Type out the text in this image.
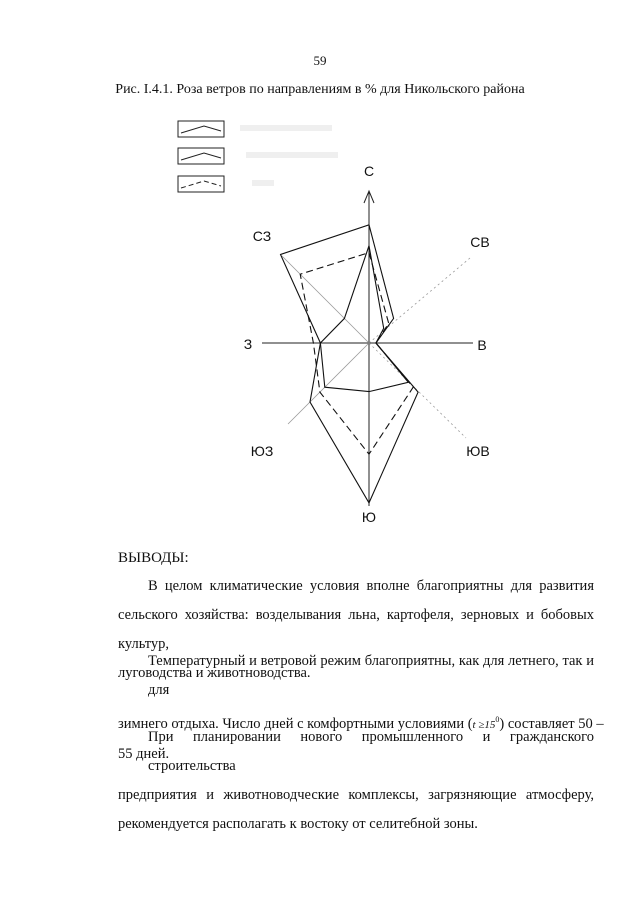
59
Рис. I.4.1. Роза ветров по направлениям в % для Никольского района
С
СВ
В
ЮВ
Ю
ЮЗ
З
СЗ
ВЫВОДЫ:
В целом климатические условия вполне благоприятны для развития
сельского хозяйства: возделывания льна, картофеля, зерновых и бобовых культур,
луговодства и животноводства.
Температурный и ветровой режим благоприятны, как для летнего, так и для
зимнего отдыха. Число дней с комфортными условиями $(t \ge 15^0)$ составляет 50 –
55 дней.
При планировании нового промышленного и гражданского строительства
предприятия и животноводческие комплексы, загрязняющие атмосферу,
рекомендуется располагать к востоку от селитебной зоны.
